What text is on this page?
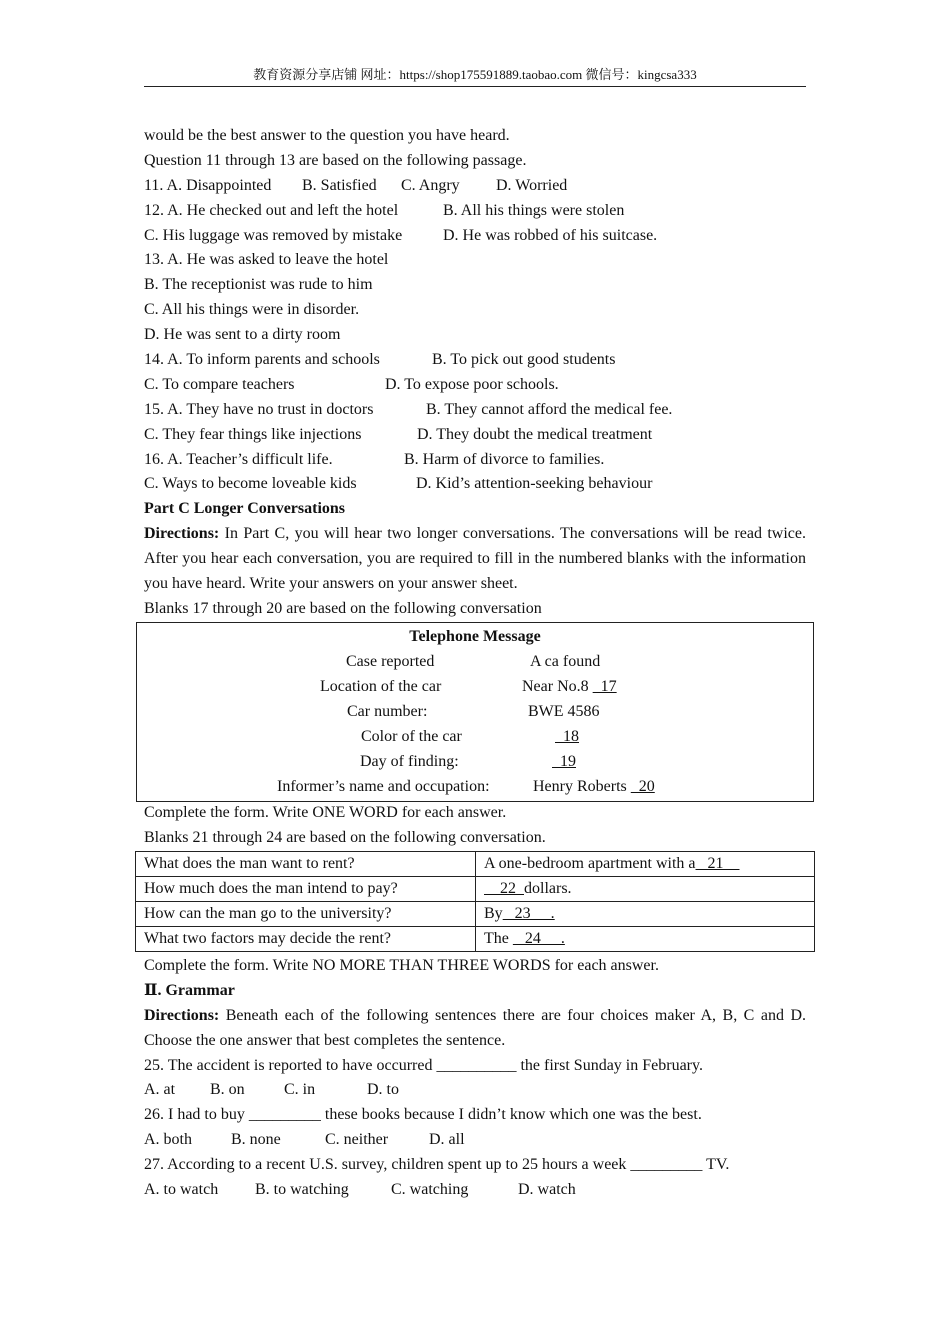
教育资源分享店铺 网址：https://shop175591889.taobao.com 微信号：kingcsa333
would be the best answer to the question you have heard.
Question 11 through 13 are based on the following passage.
11. A. Disappointed B. Satisfied C. Angry D. Worried
12. A. He checked out and left the hotel	B. All his things were stolen
C. His luggage was removed by mistake	D. He was robbed of his suitcase.
13. A. He was asked to leave the hotel
B. The receptionist was rude to him
C. All his things were in disorder.
D. He was sent to a dirty room
14. A. To inform parents and schools	B. To pick out good students
C. To compare teachers	D. To expose poor schools.
15. A. They have no trust in doctors	B. They cannot afford the medical fee.
C. They fear things like injections	D. They doubt the medical treatment
16. A. Teacher’s difficult life.	B. Harm of divorce to families.
C. Ways to become loveable kids	D. Kid’s attention-seeking behaviour
Part C Longer Conversations
Directions: In Part C, you will hear two longer conversations. The conversations will be read twice. After you hear each conversation, you are required to fill in the numbered blanks with the information you have heard. Write your answers on your answer sheet.
Blanks 17 through 20 are based on the following conversation
Telephone Message
Case reported	A ca found
Location of the car	Near No.8   17
Car number:	BWE 4586
Color of the car	18
Day of finding:	19
Informer’s name and occupation:	Henry Roberts   20
Complete the form. Write ONE WORD for each answer.
Blanks 21 through 24 are based on the following conversation.
What does the man want to rent?	A one-bedroom apartment with a   21
How much does the man intend to pay?	22  dollars.
How can the man go to the university?	By   23     .
What two factors may decide the rent?	The    24     .
Complete the form. Write NO MORE THAN THREE WORDS for each answer.
Ⅱ. Grammar
Directions: Beneath each of the following sentences there are four choices maker A, B, C and D. Choose the one answer that best completes the sentence.
25. The accident is reported to have occurred __________ the first Sunday in February.
A. at B. on C. in	D. to
26. I had to buy _________ these books because I didn’t know which one was the best.
A. both B. none	C. neither	D. all
27. According to a recent U.S. survey, children spent up to 25 hours a week _________ TV.
A. to watch B. to watching	C. watching	D. watch
